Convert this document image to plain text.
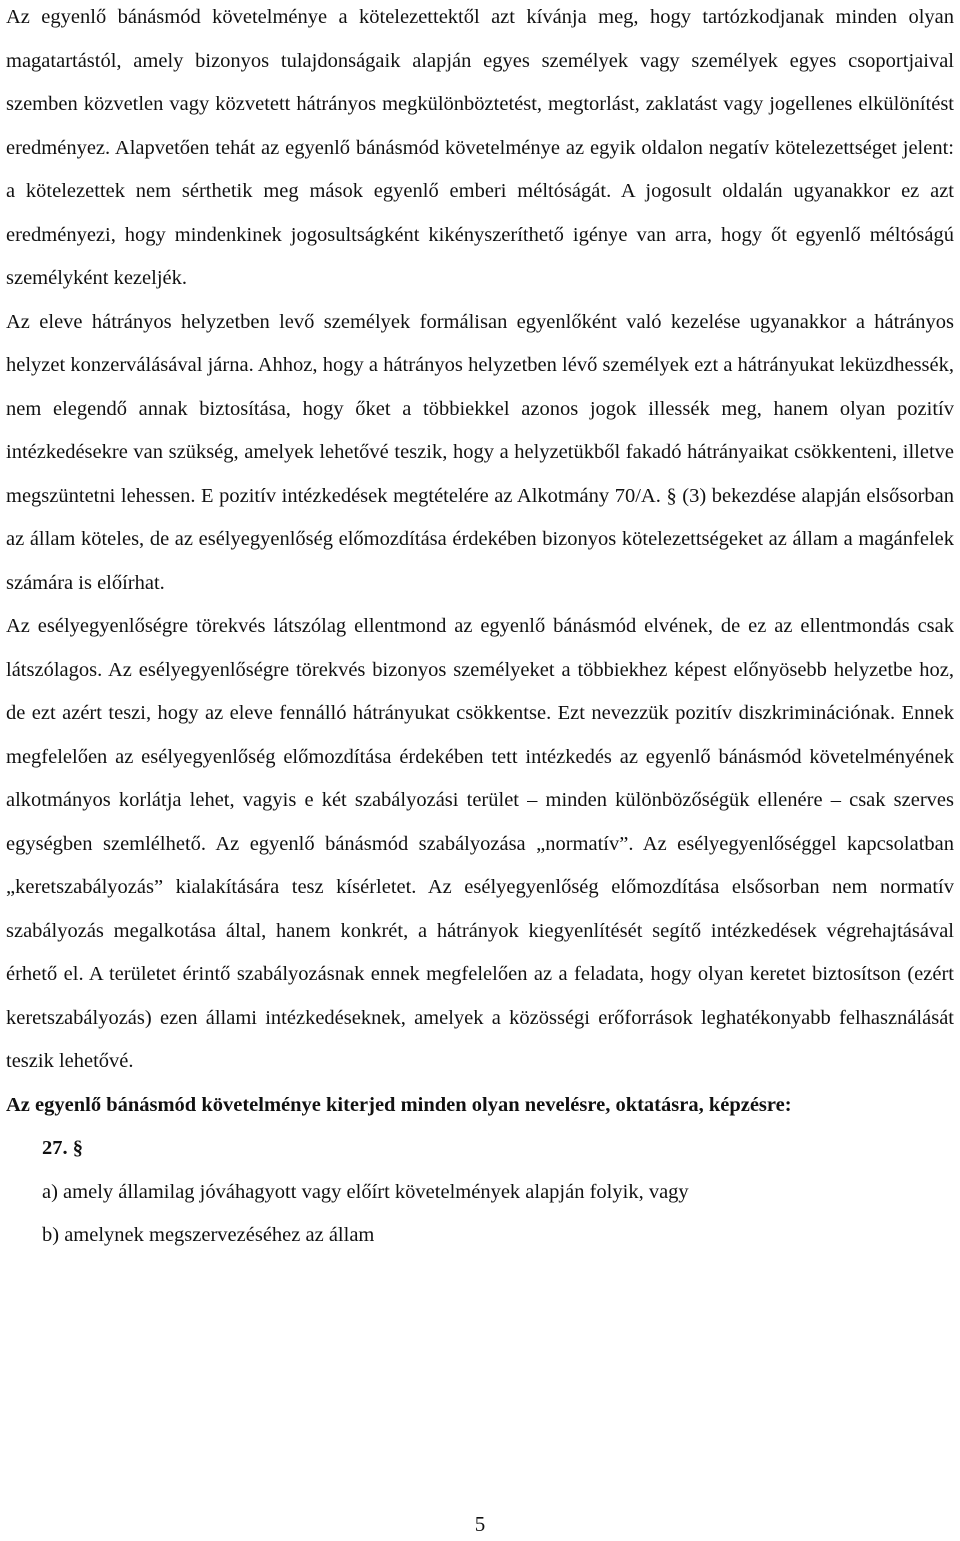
Az egyenlő bánásmód követelménye a kötelezettektől azt kívánja meg, hogy tartózkodjanak minden olyan magatartástól, amely bizonyos tulajdonságaik alapján egyes személyek vagy személyek egyes csoportjaival szemben közvetlen vagy közvetett hátrányos megkülönböztetést, megtorlást, zaklatást vagy jogellenes elkülönítést eredményez. Alapvetően tehát az egyenlő bánásmód követelménye az egyik oldalon negatív kötelezettséget jelent: a kötelezettek nem sérthetik meg mások egyenlő emberi méltóságát. A jogosult oldalán ugyanakkor ez azt eredményezi, hogy mindenkinek jogosultságként kikényszeríthető igénye van arra, hogy őt egyenlő méltóságú személyként kezeljék.

Az eleve hátrányos helyzetben levő személyek formálisan egyenlőként való kezelése ugyanakkor a hátrányos helyzet konzerválásával járna. Ahhoz, hogy a hátrányos helyzetben lévő személyek ezt a hátrányukat leküzdhessék, nem elegendő annak biztosítása, hogy őket a többiekkel azonos jogok illessék meg, hanem olyan pozitív intézkedésekre van szükség, amelyek lehetővé teszik, hogy a helyzetükből fakadó hátrányaikat csökkenteni, illetve megszüntetni lehessen. E pozitív intézkedések megtételére az Alkotmány 70/A. § (3) bekezdése alapján elsősorban az állam köteles, de az esélyegyenlőség előmozdítása érdekében bizonyos kötelezettségeket az állam a magánfelek számára is előírhat.

Az esélyegyenlőségre törekvés látszólag ellentmond az egyenlő bánásmód elvének, de ez az ellentmondás csak látszólagos. Az esélyegyenlőségre törekvés bizonyos személyeket a többiekhez képest előnyösebb helyzetbe hoz, de ezt azért teszi, hogy az eleve fennálló hátrányukat csökkentse. Ezt nevezzük pozitív diszkriminációnak. Ennek megfelelően az esélyegyenlőség előmozdítása érdekében tett intézkedés az egyenlő bánásmód követelményének alkotmányos korlátja lehet, vagyis e két szabályozási terület – minden különbözőségük ellenére – csak szerves egységben szemlélhető. Az egyenlő bánásmód szabályozása „normatív”. Az esélyegyenlőséggel kapcsolatban „keretszabályozás” kialakítására tesz kísérletet. Az esélyegyenlőség előmozdítása elsősorban nem normatív szabályozás megalkotása által, hanem konkrét, a hátrányok kiegyenlítését segítő intézkedések végrehajtásával érhető el. A területet érintő szabályozásnak ennek megfelelően az a feladata, hogy olyan keretet biztosítson (ezért keretszabályozás) ezen állami intézkedéseknek, amelyek a közösségi erőforrások leghatékonyabb felhasználását teszik lehetővé.

Az egyenlő bánásmód követelménye kiterjed minden olyan nevelésre, oktatásra, képzésre:

27. §

a) amely államilag jóváhagyott vagy előírt követelmények alapján folyik, vagy

b) amelynek megszervezéséhez az állam

5
